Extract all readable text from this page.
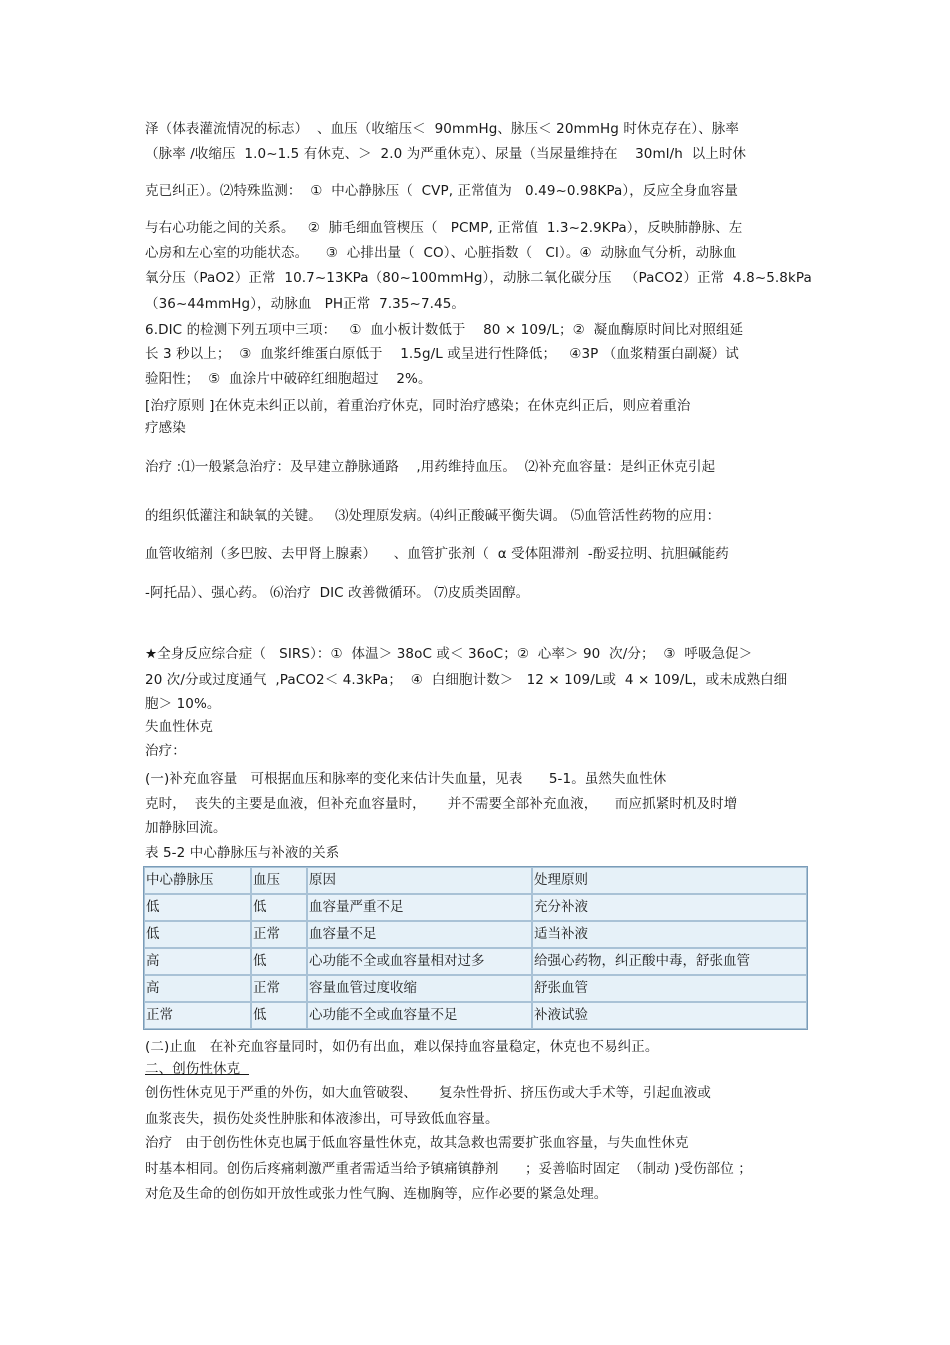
泽（体表灌流情况的标志）  、血压（收缩压＜  90mmHg、脉压＜ 20mmHg 时休克存在）、脉率
（脉率 /收缩压  1.0~1.5 有休克、＞  2.0 为严重休克）、尿量（当尿量维持在    30ml/h  以上时休
克已纠正）。⑵特殊监测：  ①  中心静脉压（  CVP, 正常值为   0.49~0.98KPa），反应全身血容量
与右心功能之间的关系。   ②  肺毛细血管楔压（   PCMP, 正常值  1.3~2.9KPa），反映肺静脉、左
心房和左心室的功能状态。    ③  心排出量（  CO）、心脏指数（   CI）。④  动脉血气分析，动脉血
氧分压（PaO2）正常  10.7~13KPa（80~100mmHg），动脉二氧化碳分压   （PaCO2）正常  4.8~5.8kPa
（36~44mmHg），动脉血   PH正常  7.35~7.45。
6.DIC 的检测下列五项中三项：   ①  血小板计数低于    80 × 109/L；②  凝血酶原时间比对照组延
长 3 秒以上；  ③  血浆纤维蛋白原低于    1.5g/L 或呈进行性降低；   ④3P （血浆精蛋白副凝）试
验阳性；  ⑤  血涂片中破碎红细胞超过    2%。
[治疗原则 ]在休克未纠正以前，着重治疗休克，同时治疗感染；在休克纠正后，则应着重治
疗感染
治疗 :⑴一般紧急治疗：及早建立静脉通路    ,用药维持血压。  ⑵补充血容量：是纠正休克引起
的组织低灌注和缺氧的关键。   ⑶处理原发病。⑷纠正酸碱平衡失调。 ⑸血管活性药物的应用：
血管收缩剂（多巴胺、去甲肾上腺素）    、血管扩张剂（  α 受体阻滞剂  -酚妥拉明、抗胆碱能药
-阿托品）、强心药。 ⑹治疗  DIC 改善微循环。 ⑺皮质类固醇。
★全身反应综合症（   SIRS）：①  体温＞ 38oC 或＜ 36oC；②  心率＞ 90  次/分；  ③  呼吸急促＞
20 次/分或过度通气  ,PaCO2＜ 4.3kPa；  ④  白细胞计数＞   12 × 109/L或  4 × 109/L，或未成熟白细
胞＞ 10%。
失血性休克
治疗：
(一)补充血容量   可根据血压和脉率的变化来估计失血量，见表      5-1。虽然失血性休
克时，  丧失的主要是血液，但补充血容量时，     并不需要全部补充血液，    而应抓紧时机及时增
加静脉回流。
表 5-2 中心静脉压与补液的关系
中心静脉压	血压	原因	处理原则
低	低	血容量严重不足	充分补液
低	正常	血容量不足	适当补液
高	低	心功能不全或血容量相对过多	给强心药物，纠正酸中毒，舒张血管
高	正常	容量血管过度收缩	舒张血管
正常	低	心功能不全或血容量不足	补液试验
(二)止血   在补充血容量同时，如仍有出血，难以保持血容量稳定，休克也不易纠正。
二、创伤性休克
创伤性休克见于严重的外伤，如大血管破裂、     复杂性骨折、挤压伤或大手术等，引起血液或
血浆丧失，损伤处炎性肿胀和体液渗出，可导致低血容量。
治疗   由于创伤性休克也属于低血容量性休克，故其急救也需要扩张血容量，与失血性休克
时基本相同。创伤后疼痛刺激严重者需适当给予镇痛镇静剂      ；妥善临时固定  （制动 )受伤部位 ；
对危及生命的创伤如开放性或张力性气胸、连枷胸等，应作必要的紧急处理。
